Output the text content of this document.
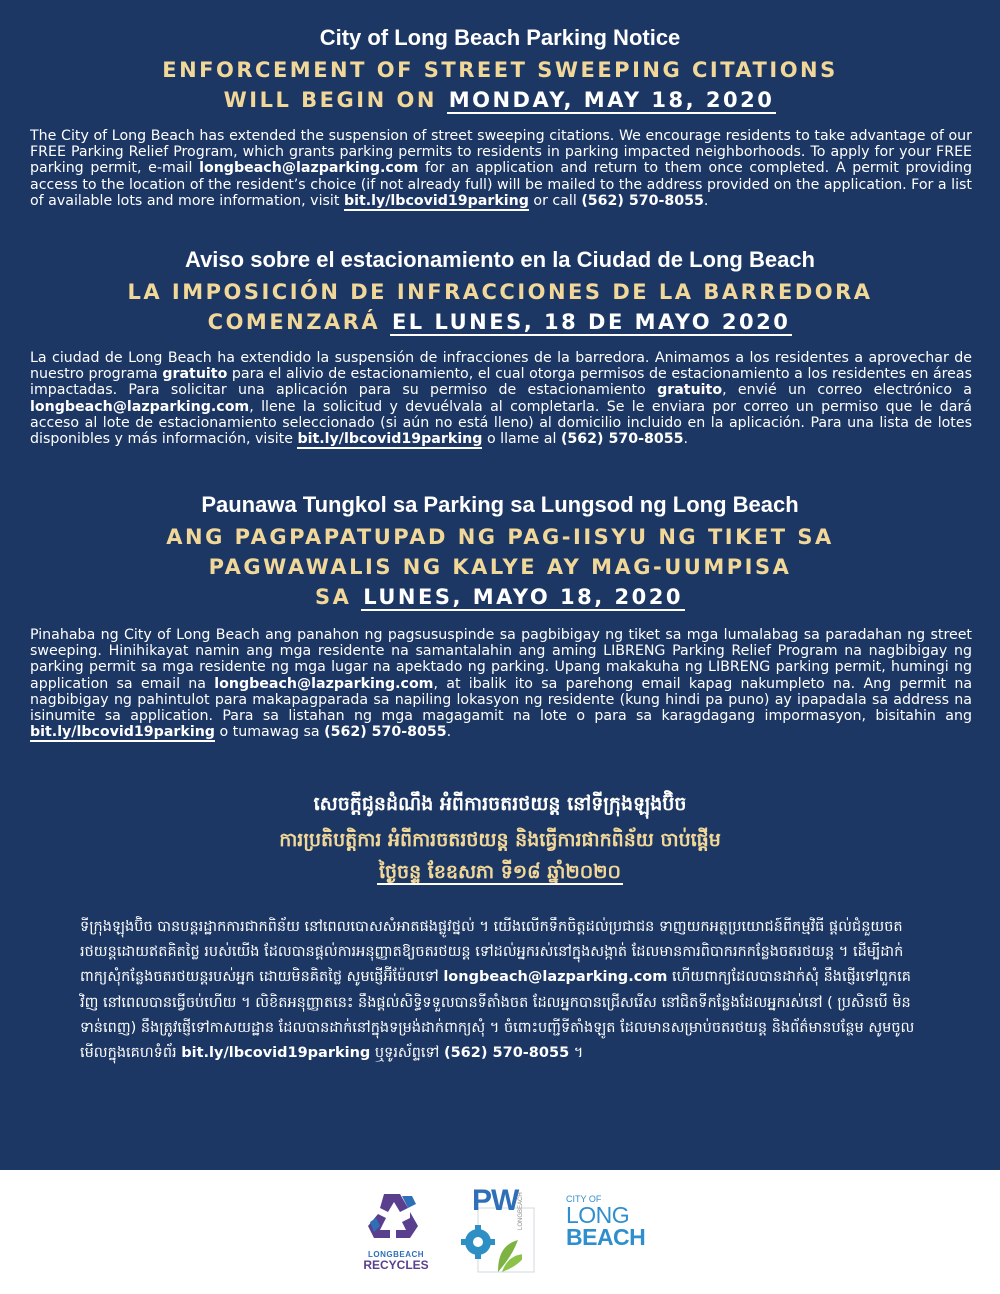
City of Long Beach Parking Notice
ENFORCEMENT OF STREET SWEEPING CITATIONS
WILL BEGIN ON MONDAY, MAY 18, 2020
The City of Long Beach has extended the suspension of street sweeping citations. We encourage residents to take advantage of our FREE Parking Relief Program, which grants parking permits to residents in parking impacted neighborhoods. To apply for your FREE parking permit, e-mail longbeach@lazparking.com for an application and return to them once completed. A permit providing access to the location of the resident’s choice (if not already full) will be mailed to the address provided on the application. For a list of available lots and more information, visit bit.ly/lbcovid19parking or call (562) 570-8055.
Aviso sobre el estacionamiento en la Ciudad de Long Beach
LA IMPOSICIÓN DE INFRACCIONES DE LA BARREDORA
COMENZARÁ EL LUNES, 18 DE MAYO 2020
La ciudad de Long Beach ha extendido la suspensión de infracciones de la barredora. Animamos a los residentes a aprovechar de nuestro programa gratuito para el alivio de estacionamiento, el cual otorga permisos de estacionamiento a los residentes en áreas impactadas. Para solicitar una aplicación para su permiso de estacionamiento gratuito, envié un correo electrónico a longbeach@lazparking.com, llene la solicitud y devuélvala al completarla. Se le enviara por correo un permiso que le dará acceso al lote de estacionamiento seleccionado (si aún no está lleno) al domicilio incluido en la aplicación. Para una lista de lotes disponibles y más información, visite bit.ly/lbcovid19parking o llame al (562) 570-8055.
Paunawa Tungkol sa Parking sa Lungsod ng Long Beach
ANG PAGPAPATUPAD NG PAG-IISYU NG TIKET SA
PAGWAWALIS NG KALYE AY MAG-UUMPISA
SA LUNES, MAYO 18, 2020
Pinahaba ng City of Long Beach ang panahon ng pagsususpinde sa pagbibigay ng tiket sa mga lumalabag sa paradahan ng street sweeping. Hinihikayat namin ang mga residente na samantalahin ang aming LIBRENG Parking Relief Program na nagbibigay ng parking permit sa mga residente ng mga lugar na apektado ng parking. Upang makakuha ng LIBRENG parking permit, humingi ng application sa email na longbeach@lazparking.com, at ibalik ito sa parehong email kapag nakumpleto na. Ang permit na nagbibigay ng pahintulot para makapagparada sa napiling lokasyon ng residente (kung hindi pa puno) ay ipapadala sa address na isinumite sa application. Para sa listahan ng mga magagamit na lote o para sa karagdagang impormasyon, bisitahin ang bit.ly/lbcovid19parking o tumawag sa (562) 570-8055.
សេចក្តីជូនដំណឹង អំពីការចតរថយន្ត នៅទីក្រុងឡុងប៊ិច
ការប្រតិបត្តិការ អំពីការចតរថយន្ត និងធ្វើការផាកពិន័យ ចាប់ផ្តើម
ថ្ងៃចន្ទ ខែឧសភា ទី១៨ ឆ្នាំ២០២០
ទីក្រុងឡុងប៊ិច បានបន្តរដ្ឋាកការជាកពិន័យ នៅពេលបោសសំអាតផងផ្លូវថ្នល់ ។ យើងលើកទឹកចិត្តដល់ប្រជាជន ទាញយកអត្ថប្រយោជន៍ពីកម្មវិធី ផ្តល់ជំនួយចតរថយន្តដោយឥតគិតថ្លៃ របស់យើង ដែលបានផ្តល់ការអនុញ្ញាតឱ្យចតរថយន្ត ទៅដល់អ្នករស់នៅក្នុងសង្កាត់ ដែលមានការពិបាករកកន្លែងចតរថយន្ត ។ ដើម្បីដាក់ពាក្យសុំកន្លែងចតរថយន្តរបស់អ្នក ដោយមិនគិតថ្លៃ សូមផ្ញើអ៊ីម៉ែលទៅ longbeach@lazparking.com ហើយពាក្យដែលបានដាក់សុំ នឹងផ្ញើរទៅពួកគេវិញ នៅពេលបានធ្វើចប់ហើយ ។ លិខិតអនុញ្ញាតនេះ នឹងផ្តល់សិទ្ធិទទួលបានទីតាំងចត ដែលអ្នកបានជ្រើសរើស នៅជិតទីកន្លែងដែលអ្នករស់នៅ ( ប្រសិនបើ មិនទាន់ពេញ) នឹងត្រូវផ្ញើទៅកាសយដ្ឋាន ដែលបានដាក់នៅក្នុងទម្រង់ដាក់ពាក្យសុំ ។ ចំពោះបញ្ជីទីតាំងឡូត ដែលមានសម្រាប់ចតរថយន្ត និងព័ត៌មានបន្ថែម សូមចូលមើលក្នុងគេហទំព័រ bit.ly/lbcovid19parking ឬទូរស័ព្ទទៅ (562) 570-8055 ។
LONGBEACH
RECYCLES
PW LONGBEACH	CITY OF
LONG
BEACH
